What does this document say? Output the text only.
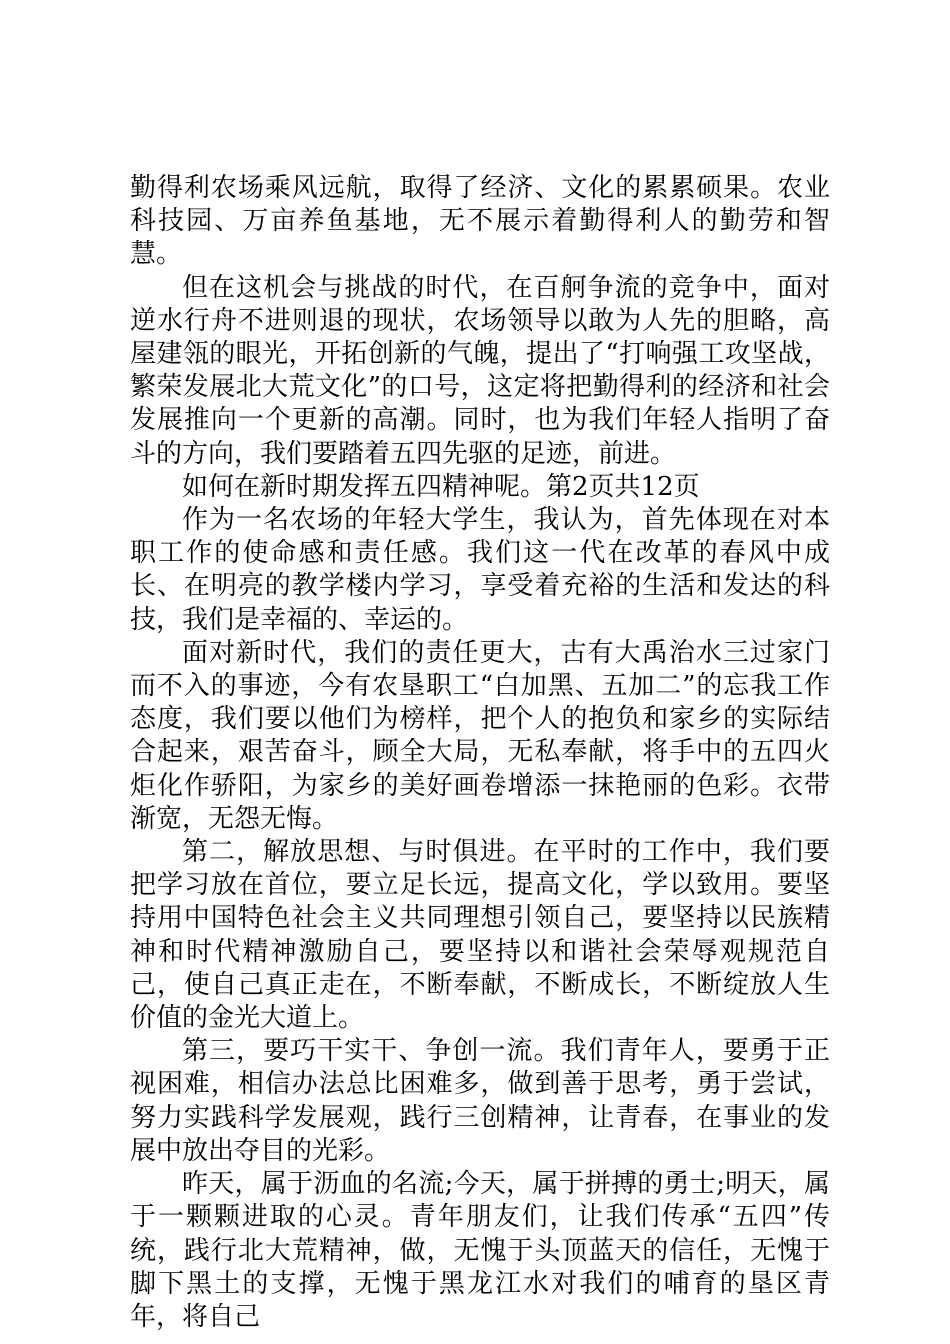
勤得利农场乘风远航，取得了经济、文化的累累硕果。农业科技园、万亩养鱼基地，无不展示着勤得利人的勤劳和智慧。

但在这机会与挑战的时代，在百舸争流的竞争中，面对逆水行舟不进则退的现状，农场领导以敢为人先的胆略，高屋建瓴的眼光，开拓创新的气魄，提出了“打响强工攻坚战，繁荣发展北大荒文化”的口号，这定将把勤得利的经济和社会发展推向一个更新的高潮。同时，也为我们年轻人指明了奋斗的方向，我们要踏着五四先驱的足迹，前进。

如何在新时期发挥五四精神呢。第2页共12页

作为一名农场的年轻大学生，我认为，首先体现在对本职工作的使命感和责任感。我们这一代在改革的春风中成长、在明亮的教学楼内学习，享受着充裕的生活和发达的科技，我们是幸福的、幸运的。

面对新时代，我们的责任更大，古有大禹治水三过家门而不入的事迹，今有农垦职工“白加黑、五加二”的忘我工作态度，我们要以他们为榜样，把个人的抱负和家乡的实际结合起来，艰苦奋斗，顾全大局，无私奉献，将手中的五四火炬化作骄阳，为家乡的美好画卷增添一抹艳丽的色彩。衣带渐宽，无怨无悔。

第二，解放思想、与时俱进。在平时的工作中，我们要把学习放在首位，要立足长远，提高文化，学以致用。要坚持用中国特色社会主义共同理想引领自己，要坚持以民族精神和时代精神激励自己，要坚持以和谐社会荣辱观规范自己，使自己真正走在，不断奉献，不断成长，不断绽放人生价值的金光大道上。

第三，要巧干实干、争创一流。我们青年人，要勇于正视困难，相信办法总比困难多，做到善于思考，勇于尝试，努力实践科学发展观，践行三创精神，让青春，在事业的发展中放出夺目的光彩。

昨天，属于沥血的名流;今天，属于拼搏的勇士;明天，属于一颗颗进取的心灵。青年朋友们，让我们传承“五四”传统，践行北大荒精神，做，无愧于头顶蓝天的信任，无愧于脚下黑土的支撑，无愧于黑龙江水对我们的哺育的垦区青年，将自己
